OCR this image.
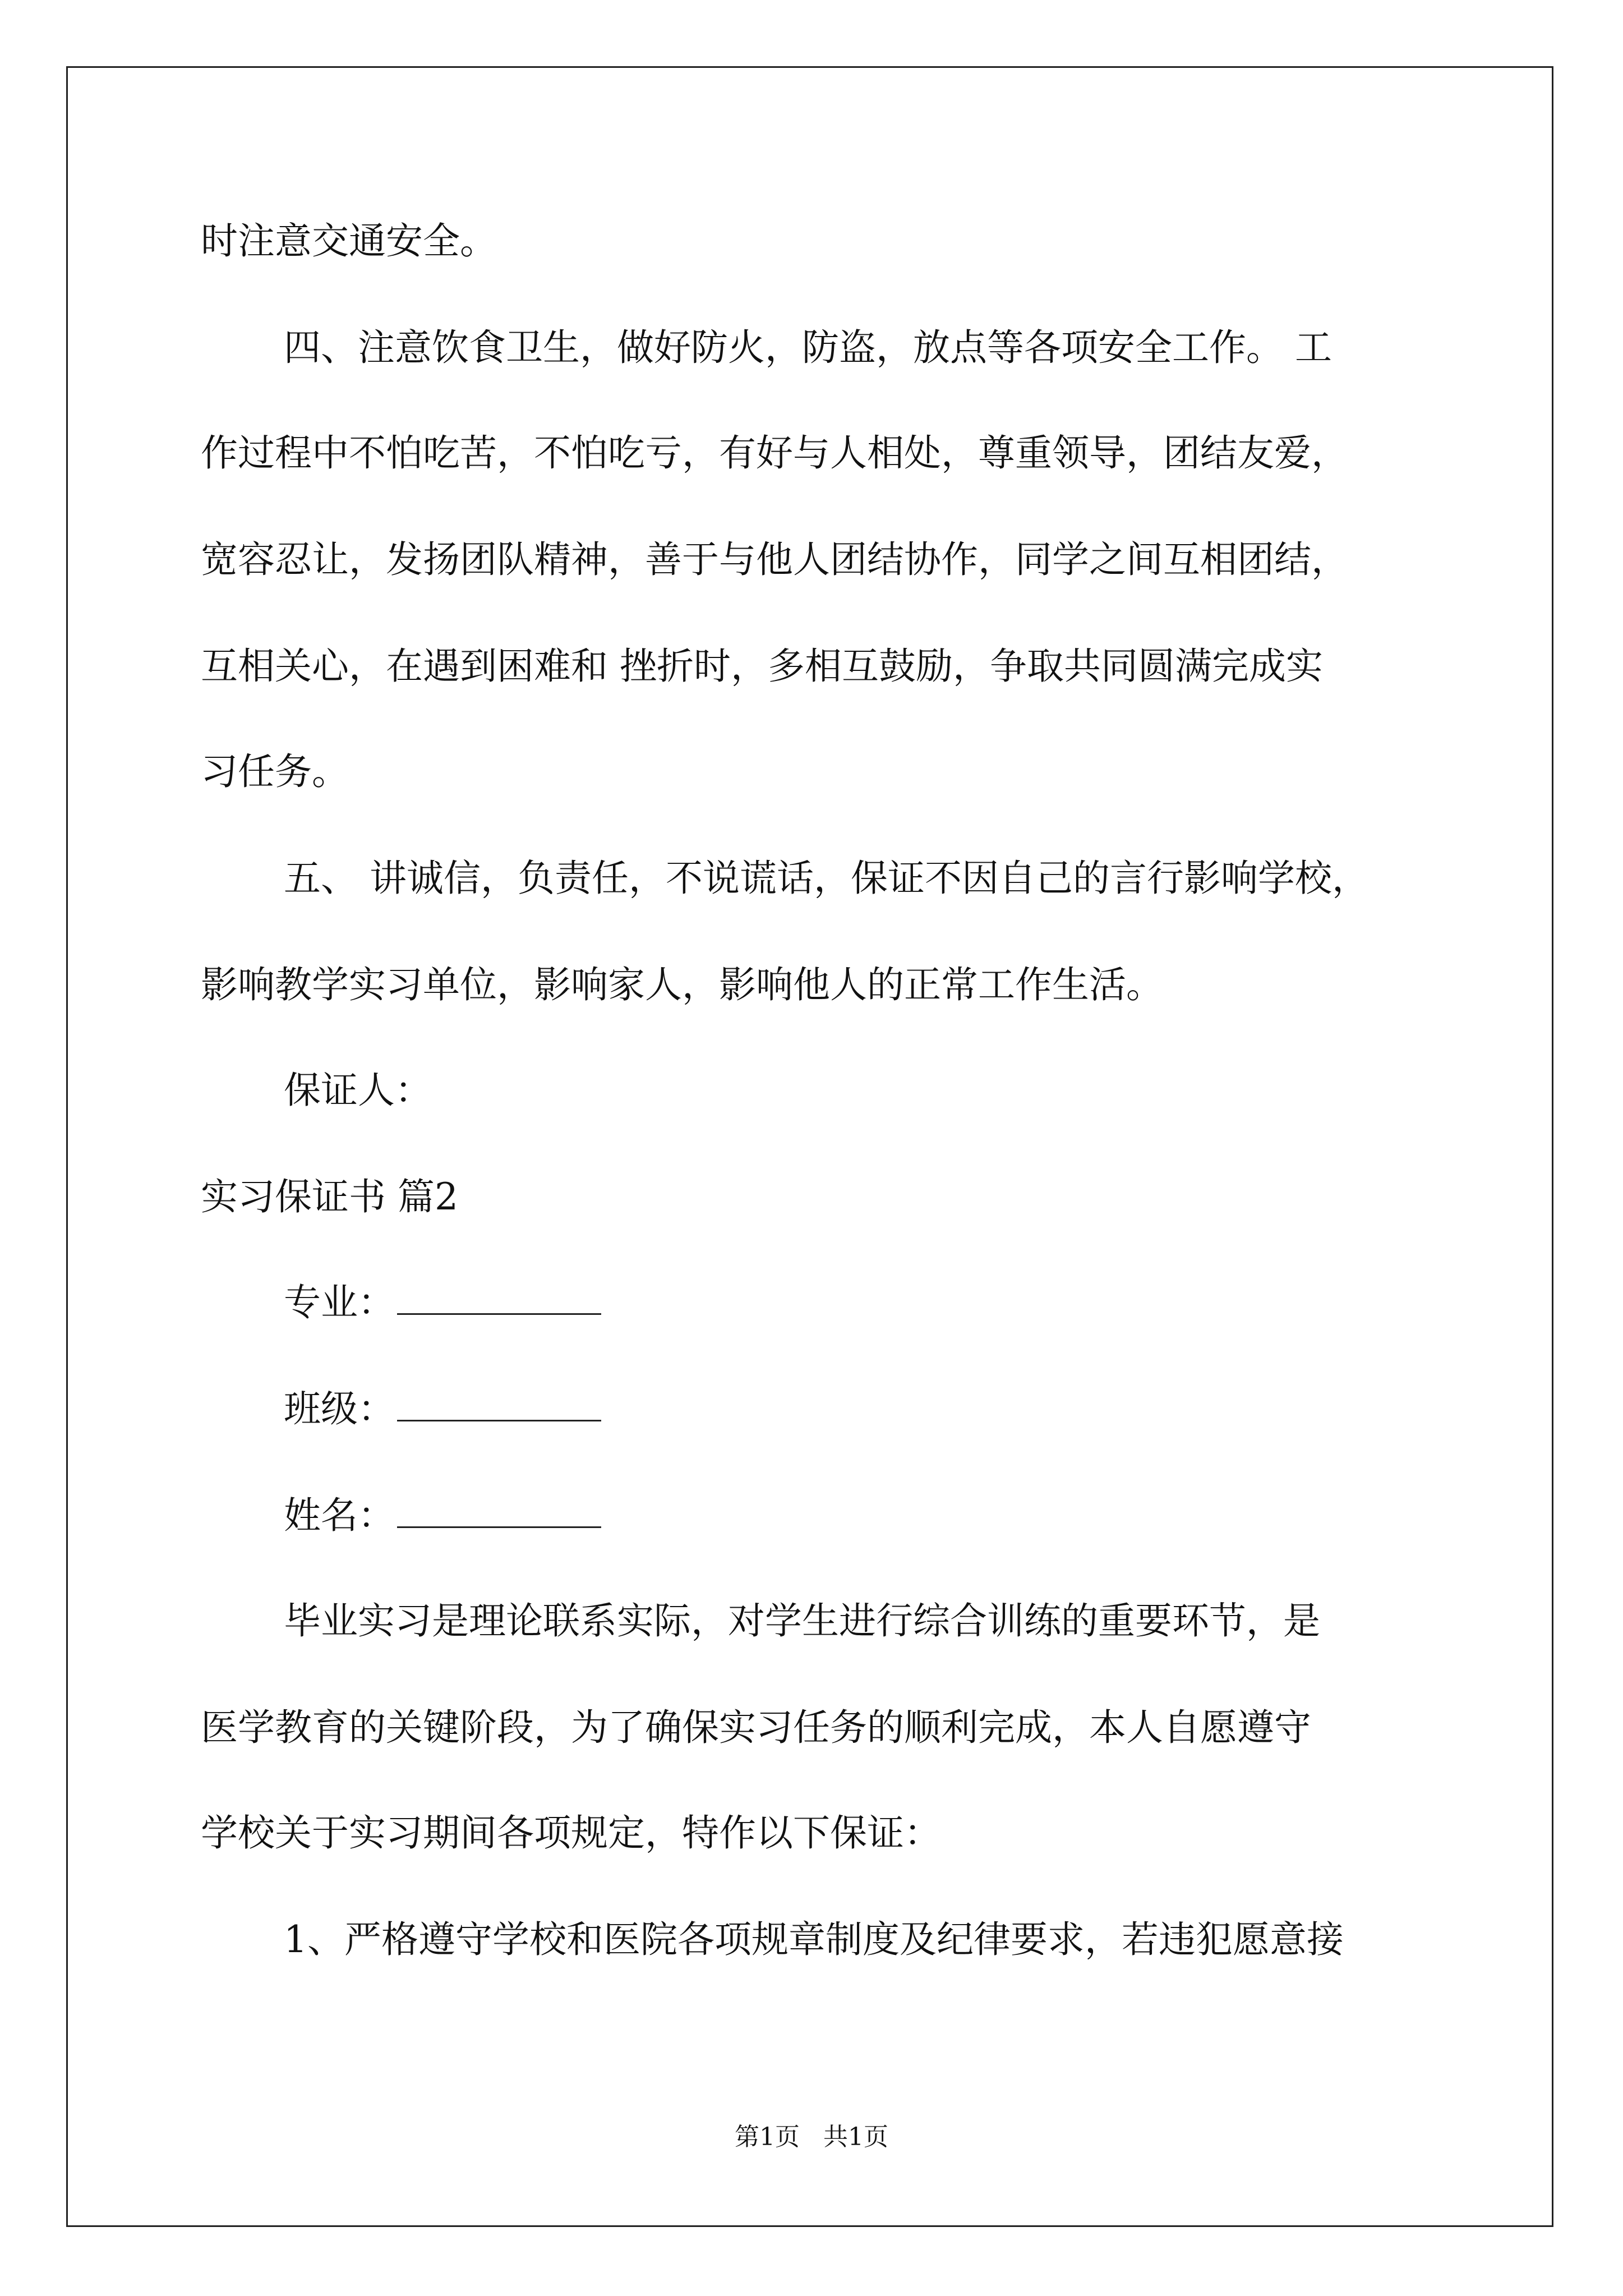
时注意交通安全。
四、注意饮食卫生，做好防火，防盗，放点等各项安全工作。 工
作过程中不怕吃苦，不怕吃亏，有好与人相处，尊重领导，团结友爱，
宽容忍让，发扬团队精神，善于与他人团结协作，同学之间互相团结，
互相关心，在遇到困难和 挫折时，多相互鼓励，争取共同圆满完成实
习任务。
五、 讲诚信，负责任，不说谎话，保证不因自己的言行影响学校，
影响教学实习单位，影响家人，影响他人的正常工作生活。
保证人：
实习保证书 篇2
专业：
班级：
姓名：
毕业实习是理论联系实际，对学生进行综合训练的重要环节，是
医学教育的关键阶段，为了确保实习任务的顺利完成，本人自愿遵守
学校关于实习期间各项规定，特作以下保证：
1、严格遵守学校和医院各项规章制度及纪律要求，若违犯愿意接
第1页   共1页
